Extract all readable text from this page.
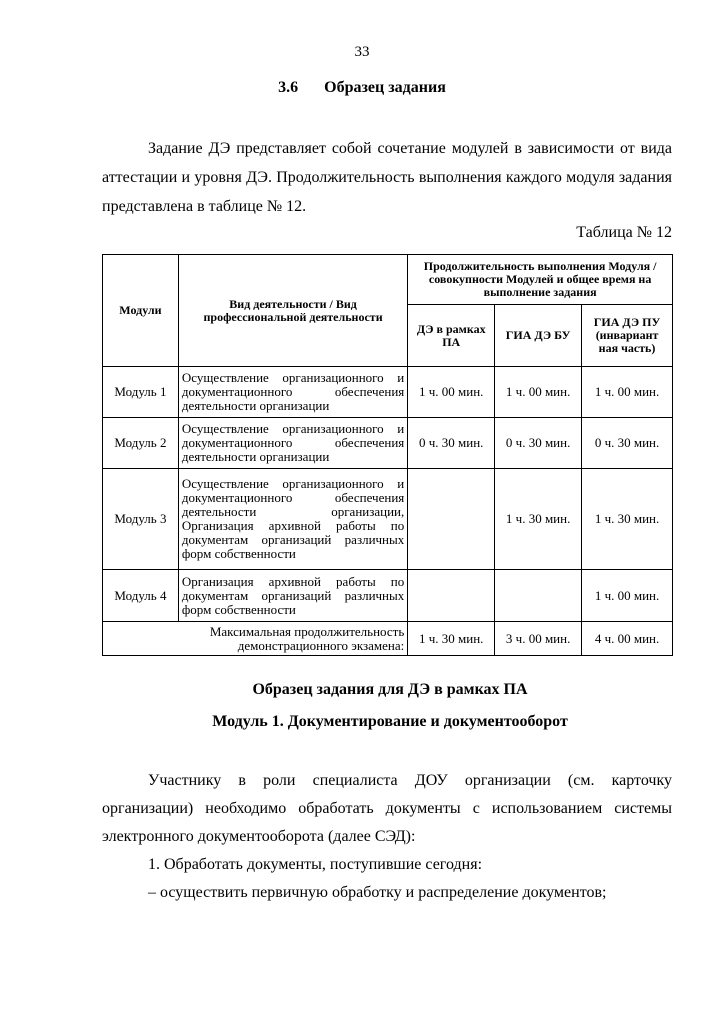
33
3.6 Образец задания

Задание ДЭ представляет собой сочетание модулей в зависимости от вида аттестации и уровня ДЭ. Продолжительность выполнения каждого модуля задания представлена в таблице № 12.

Таблица № 12
Модули	Вид деятельности / Вид профессиональной деятельности	Продолжительность выполнения Модуля / совокупности Модулей и общее время на выполнение задания		
		ДЭ в рамках ПА	ГИА ДЭ БУ	ГИА ДЭ ПУ (инвариант ная часть)
Модуль 1	Осуществление организационного и документационного обеспечения деятельности организации	1 ч. 00 мин.	1 ч. 00 мин.	1 ч. 00 мин.
Модуль 2	Осуществление организационного и документационного обеспечения деятельности организации	0 ч. 30 мин.	0 ч. 30 мин.	0 ч. 30 мин.
Модуль 3	Осуществление организационного и документационного обеспечения деятельности организации, Организация архивной работы по документам организаций различных форм собственности		1 ч. 30 мин.	1 ч. 30 мин.
Модуль 4	Организация архивной работы по документам организаций различных форм собственности			1 ч. 00 мин.
Максимальная продолжительность демонстрационного экзамена:		1 ч. 30 мин.	3 ч. 00 мин.	4 ч. 00 мин.
Образец задания для ДЭ в рамках ПА
Модуль 1. Документирование и документооборот

Участнику в роли специалиста ДОУ организации (см. карточку организации) необходимо обработать документы с использованием системы электронного документооборота (далее СЭД):

1. Обработать документы, поступившие сегодня:

– осуществить первичную обработку и распределение документов;
